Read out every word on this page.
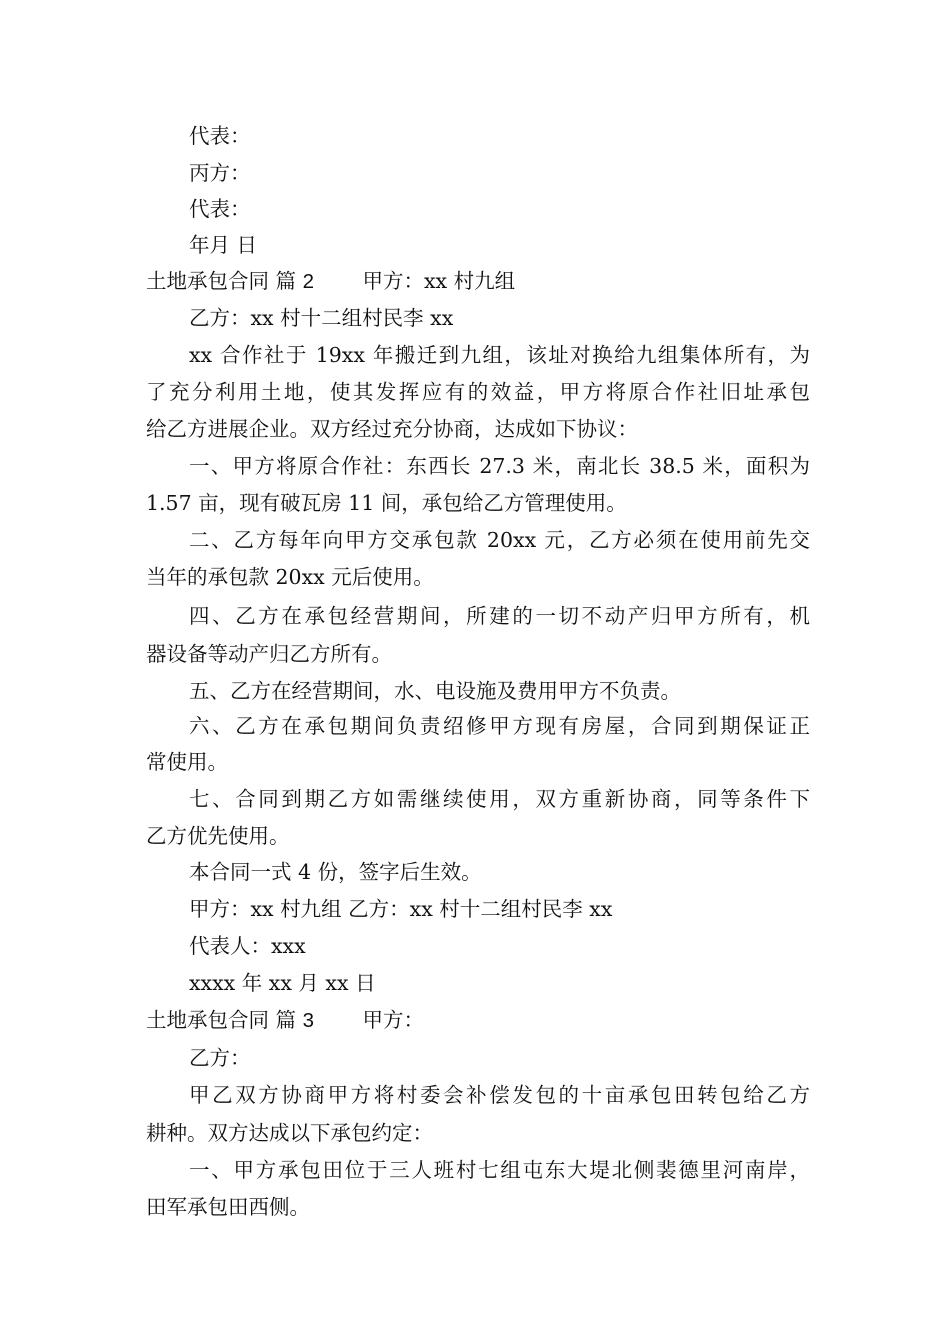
代表：
丙方：
代表：
年月 日
土地承包合同 篇 2 甲方：xx 村九组
乙方：xx 村十二组村民李 xx
xx 合作社于 19xx 年搬迁到九组，该址对换给九组集体所有，为
了充分利用土地，使其发挥应有的效益，甲方将原合作社旧址承包
给乙方进展企业。双方经过充分协商，达成如下协议：
一、甲方将原合作社：东西长 27.3 米，南北长 38.5 米，面积为
1.57 亩，现有破瓦房 11 间，承包给乙方管理使用。
二、乙方每年向甲方交承包款 20xx 元，乙方必须在使用前先交
当年的承包款 20xx 元后使用。
四、乙方在承包经营期间，所建的一切不动产归甲方所有，机
器设备等动产归乙方所有。
五、乙方在经营期间，水、电设施及费用甲方不负责。
六、乙方在承包期间负责绍修甲方现有房屋，合同到期保证正
常使用。
七、合同到期乙方如需继续使用，双方重新协商，同等条件下
乙方优先使用。
本合同一式 4 份，签字后生效。
甲方：xx 村九组 乙方：xx 村十二组村民李 xx
代表人：xxx
xxxx 年 xx 月 xx 日
土地承包合同 篇 3 甲方：
乙方：
甲乙双方协商甲方将村委会补偿发包的十亩承包田转包给乙方
耕种。双方达成以下承包约定：
一、甲方承包田位于三人班村七组屯东大堤北侧裴德里河南岸，
田军承包田西侧。
